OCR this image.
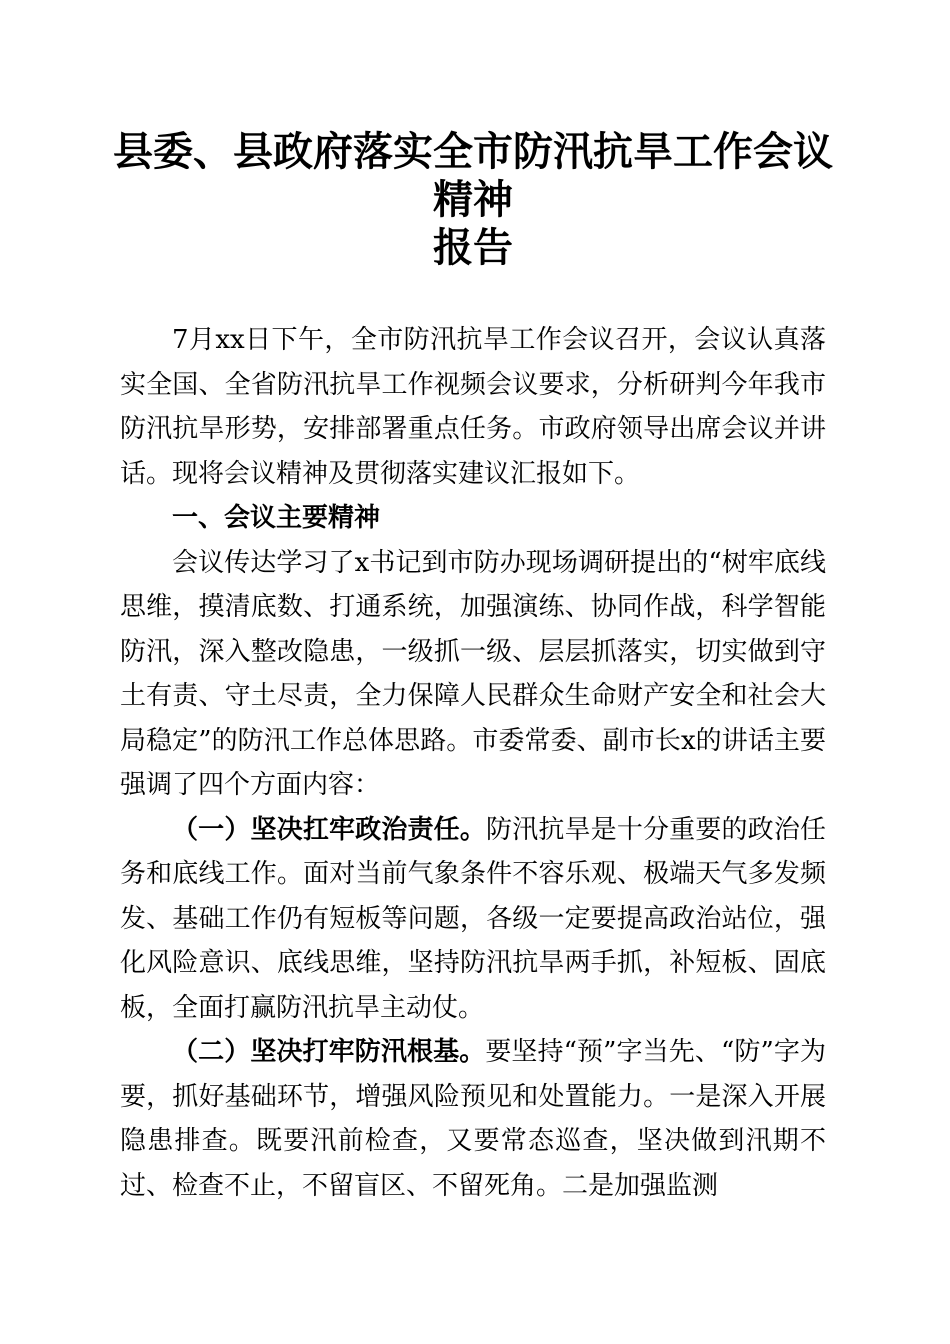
县委、县政府落实全市防汛抗旱工作会议精神
报告

7月xx日下午，全市防汛抗旱工作会议召开，会议认真落实全国、全省防汛抗旱工作视频会议要求，分析研判今年我市防汛抗旱形势，安排部署重点任务。市政府领导出席会议并讲话。现将会议精神及贯彻落实建议汇报如下。

一、会议主要精神

会议传达学习了x书记到市防办现场调研提出的“树牢底线思维，摸清底数、打通系统，加强演练、协同作战，科学智能防汛，深入整改隐患，一级抓一级、层层抓落实，切实做到守土有责、守土尽责，全力保障人民群众生命财产安全和社会大局稳定”的防汛工作总体思路。市委常委、副市长x的讲话主要强调了四个方面内容：

（一）坚决扛牢政治责任。防汛抗旱是十分重要的政治任务和底线工作。面对当前气象条件不容乐观、极端天气多发频发、基础工作仍有短板等问题，各级一定要提高政治站位，强化风险意识、底线思维，坚持防汛抗旱两手抓，补短板、固底板，全面打赢防汛抗旱主动仗。

（二）坚决打牢防汛根基。要坚持“预”字当先、“防”字为要，抓好基础环节，增强风险预见和处置能力。一是深入开展隐患排查。既要汛前检查，又要常态巡查，坚决做到汛期不过、检查不止，不留盲区、不留死角。二是加强监测
